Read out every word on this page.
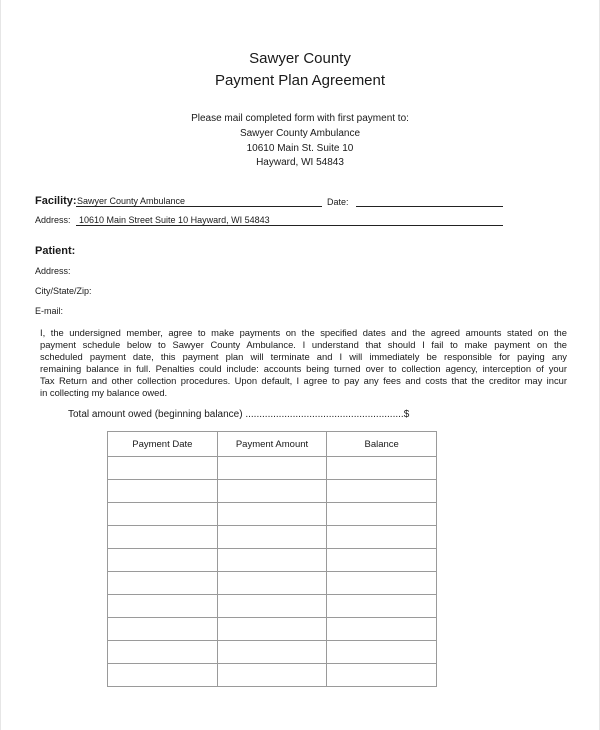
Sawyer County
Payment Plan Agreement
Please mail completed form with first payment to:
Sawyer County Ambulance
10610 Main St. Suite 10
Hayward, WI 54843
Facility: Sawyer County Ambulance	Date:
Address: 10610 Main Street Suite 10 Hayward, WI 54843
Patient:
Address:
City/State/Zip:
E-mail:
I, the undersigned member, agree to make payments on the specified dates and the agreed amounts stated on the
payment schedule below to Sawyer County Ambulance. I understand that should I fail to make payment on the
scheduled payment date, this payment plan will terminate and I will immediately be responsible for paying any
remaining balance in full. Penalties could include: accounts being turned over to collection agency, interception of your
Tax Return and other collection procedures. Upon default, I agree to pay any fees and costs that the creditor may incur
in collecting my balance owed.
Total amount owed (beginning balance) .........................................................$
Payment Date	Payment Amount	Balance
